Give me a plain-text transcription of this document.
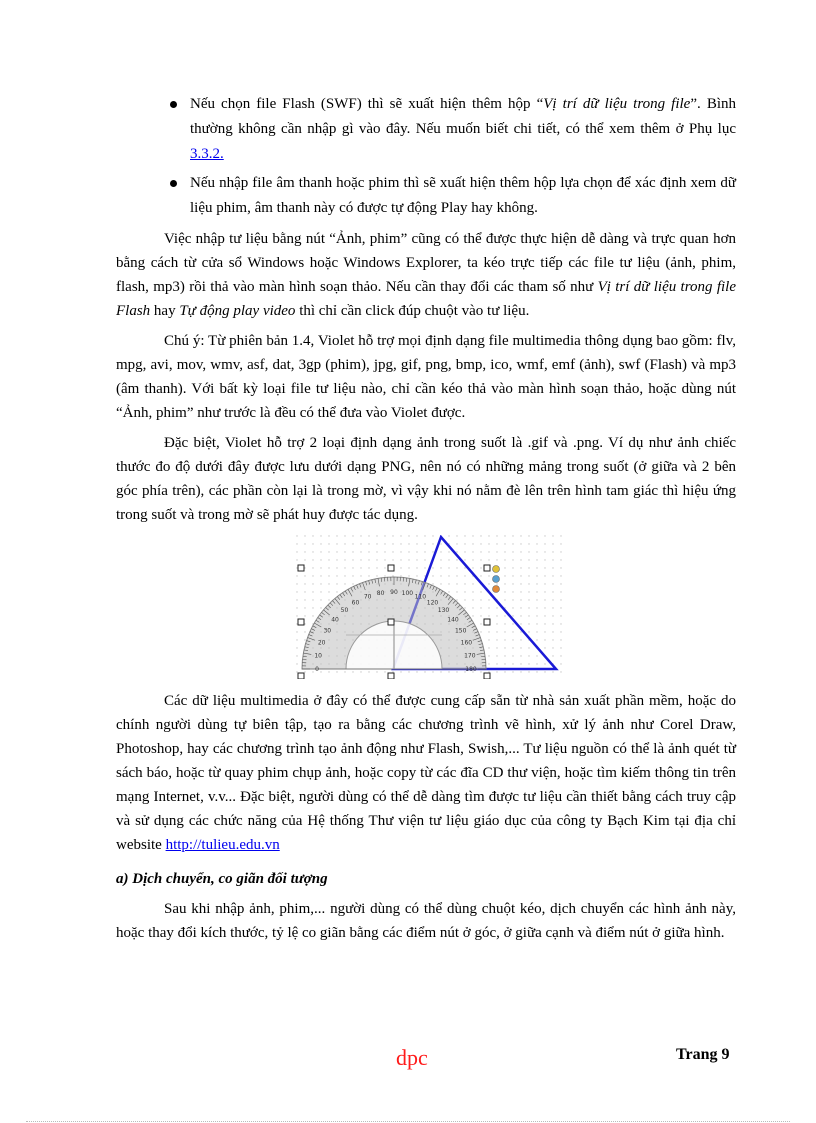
Nếu chọn file Flash (SWF) thì sẽ xuất hiện thêm hộp “Vị trí dữ liệu trong file”. Bình thường không cần nhập gì vào đây. Nếu muốn biết chi tiết, có thể xem thêm ở Phụ lục 3.3.2.
Nếu nhập file âm thanh hoặc phim thì sẽ xuất hiện thêm hộp lựa chọn để xác định xem dữ liệu phim, âm thanh này có được tự động Play hay không.

Việc nhập tư liệu bằng nút “Ảnh, phim” cũng có thể được thực hiện dễ dàng và trực quan hơn bằng cách từ cửa sổ Windows hoặc Windows Explorer, ta kéo trực tiếp các file tư liệu (ảnh, phim, flash, mp3) rồi thả vào màn hình soạn thảo. Nếu cần thay đổi các tham số như Vị trí dữ liệu trong file Flash hay Tự động play video thì chỉ cần click đúp chuột vào tư liệu.

Chú ý: Từ phiên bản 1.4, Violet hỗ trợ mọi định dạng file multimedia thông dụng bao gồm: flv, mpg, avi, mov, wmv, asf, dat, 3gp (phim), jpg, gif, png, bmp, ico, wmf, emf (ảnh), swf (Flash) và mp3 (âm thanh). Với bất kỳ loại file tư liệu nào, chỉ cần kéo thả vào màn hình soạn thảo, hoặc dùng nút “Ảnh, phim” như trước là đều có thể đưa vào Violet được.

Đặc biệt, Violet hỗ trợ 2 loại định dạng ảnh trong suốt là .gif và .png. Ví dụ như ảnh chiếc thước đo độ dưới đây được lưu dưới dạng PNG, nên nó có những mảng trong suốt (ở giữa và 2 bên góc phía trên), các phần còn lại là trong mờ, vì vậy khi nó nằm đè lên trên hình tam giác thì hiệu ứng trong suốt và trong mờ sẽ phát huy được tác dụng.

0
10
20
30
40
50
60
70 80 90 100 110
120
130
140
150
160
170
180

Các dữ liệu multimedia ở đây có thể được cung cấp sẵn từ nhà sản xuất phần mềm, hoặc do chính người dùng tự biên tập, tạo ra bằng các chương trình vẽ hình, xử lý ảnh như Corel Draw, Photoshop, hay các chương trình tạo ảnh động như Flash, Swish,... Tư liệu nguồn có thể là ảnh quét từ sách báo, hoặc từ quay phim chụp ảnh, hoặc copy từ các đĩa CD thư viện, hoặc tìm kiếm thông tin trên mạng Internet, v.v... Đặc biệt, người dùng có thể dễ dàng tìm được tư liệu cần thiết bằng cách truy cập và sử dụng các chức năng của Hệ thống Thư viện tư liệu giáo dục của công ty Bạch Kim tại địa chỉ website http://tulieu.edu.vn

a) Dịch chuyển, co giãn đối tượng

Sau khi nhập ảnh, phim,... người dùng có thể dùng chuột kéo, dịch chuyển các hình ảnh này, hoặc thay đổi kích thước, tỷ lệ co giãn bằng các điểm nút ở góc, ở giữa cạnh và điểm nút ở giữa hình.

dpc	Trang 9
